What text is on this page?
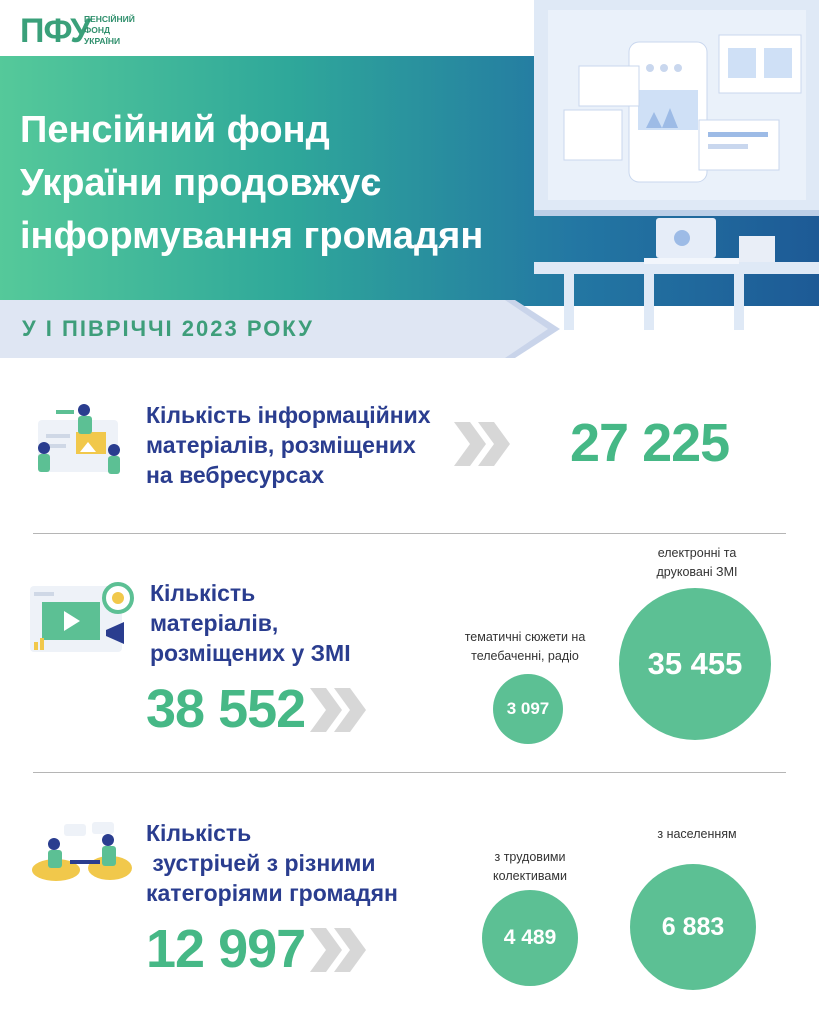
ПФУ
ПЕНСІЙНИЙ
ФОНД
УКРАЇНИ
Пенсійний фонд
України продовжує
інформування громадян
У І ПІВРІЧЧІ 2023 РОКУ
Кількість інформаційних
матеріалів, розміщених
на вебресурсах
27 225
Кількість
матеріалів,
розміщених у ЗМІ
38 552
тематичні сюжети на
телебаченні, радіо
3 097
електронні та
друковані ЗМІ
35 455
Кількість
зустрічей з різними
категоріями громадян
12 997
з трудовими
колективами
4 489
з населенням
6 883
